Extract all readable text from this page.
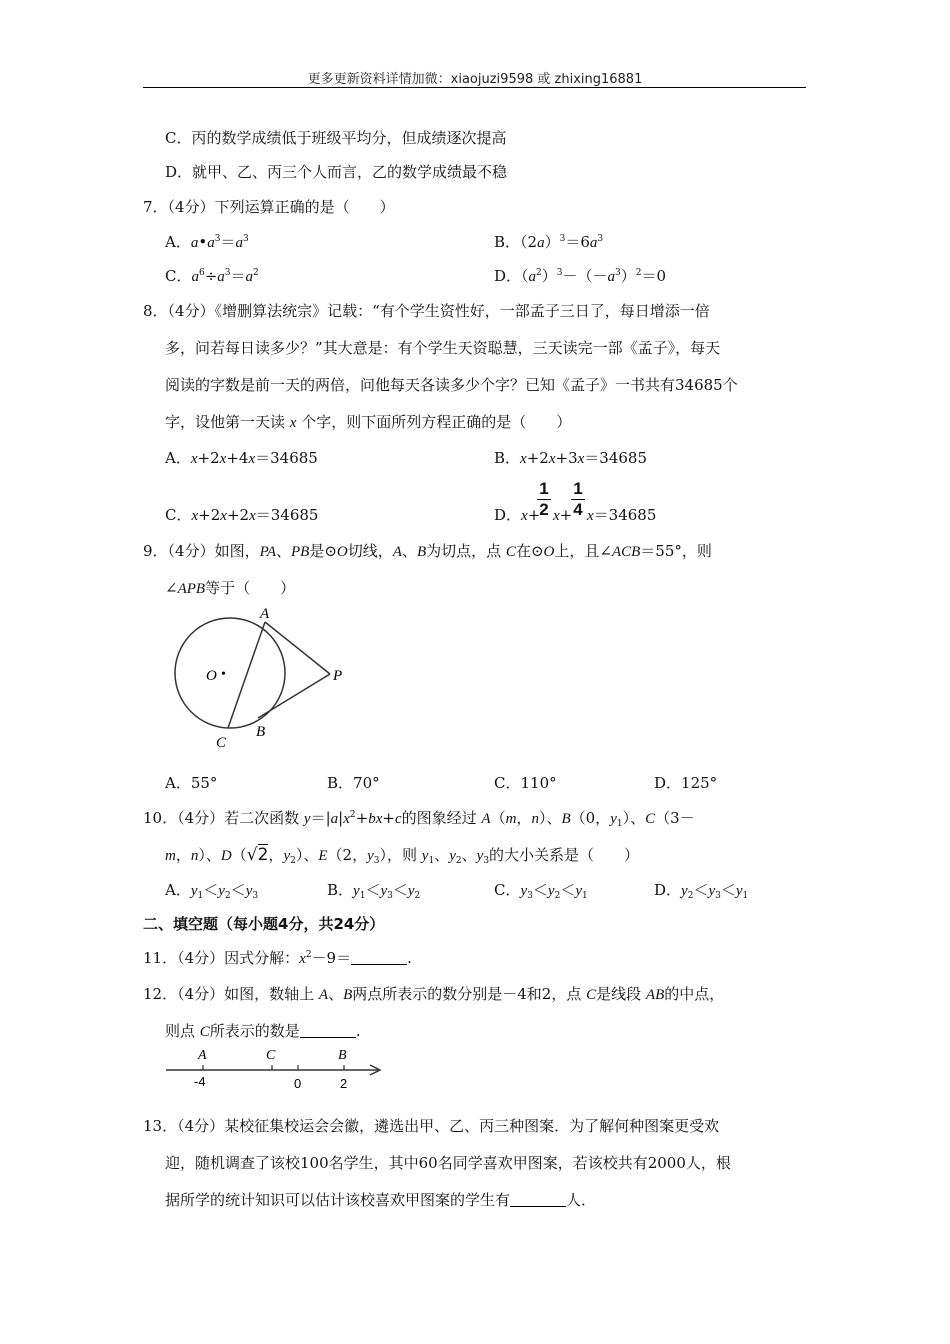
更多更新资料详情加微：xiaojuzi9598 或 zhixing16881
C．丙的数学成绩低于班级平均分，但成绩逐次提高
D．就甲、乙、丙三个人而言，乙的数学成绩最不稳
7．（4分）下列运算正确的是（　　）
A．$a•a^3=a^3$	B．$(2a)^3=6a^3$
C．$a^6\div a^3=a^2$	D．$(a^2)^3-(-a^3)^2=0$
8．（4分）《增删算法统宗》记载：“有个学生资性好，一部孟子三日了，每日增添一倍
多，问若每日读多少？”其大意是：有个学生天资聪慧，三天读完一部《孟子》，每天
阅读的字数是前一天的两倍，问他每天各读多少个字？已知《孟子》一书共有34685个
字，设他第一天读 x 个字，则下面所列方程正确的是（　　）
A．x+2x+4x＝34685	B．x+2x+3x＝34685
C．x+2x+2x＝34685	D．x+
1
2 x+
1
4 x＝34685
9．（4分）如图，PA、PB是⊙O切线，A、B为切点，点 C在⊙O上，且∠ACB＝55°，则
∠APB等于（　　）
A
B
C
O •	P
A．55°	B．70°	C．110°	D．125°
10．（4分）若二次函数 $y=|a|x^2+bx+c$的图象经过 A（m，n）、B（0，$y_1$）、C（3－
m，n）、D（√2，$y_2$）、E（2，$y_3$），则 $y_1$、$y_2$、$y_3$的大小关系是（　　）
A．$y_1<y_2<y_3$	B．$y_1<y_3<y_2$	C．$y_3<y_2<y_1$	D．$y_2<y_3<y_1$
二、填空题（每小题4分，共24分）
11．（4分）因式分解：$x^2-9=$	.
12．（4分）如图，数轴上 A、B两点所表示的数分别是－4和2，点 C是线段 AB的中点，
则点 C所表示的数是	.
A	C	B
-4	0	2
13．（4分）某校征集校运会会徽，遴选出甲、乙、丙三种图案．为了解何种图案更受欢
迎，随机调查了该校100名学生，其中60名同学喜欢甲图案，若该校共有2000人，根
据所学的统计知识可以估计该校喜欢甲图案的学生有	人．
